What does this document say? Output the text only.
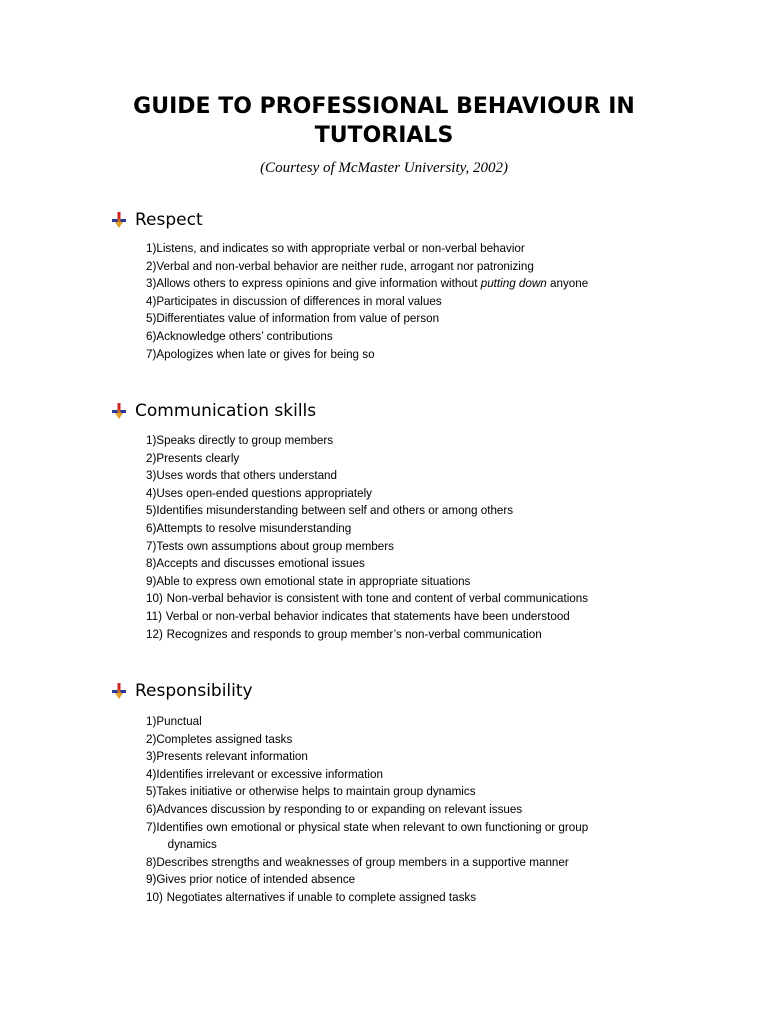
GUIDE TO PROFESSIONAL BEHAVIOUR IN
TUTORIALS
(Courtesy of McMaster University, 2002)
Respect
1)Listens, and indicates so with appropriate verbal or non-verbal behavior
2)Verbal and non-verbal behavior are neither rude, arrogant nor patronizing
3)Allows others to express opinions and give information without putting down anyone
4)Participates in discussion of differences in moral values
5)Differentiates value of information from value of person
6)Acknowledge others’ contributions
7)Apologizes when late or gives for being so
Communication skills
1)Speaks directly to group members
2)Presents clearly
3)Uses words that others understand
4)Uses open-ended questions appropriately
5)Identifies misunderstanding between self and others or among others
6)Attempts to resolve misunderstanding
7)Tests own assumptions about group members
8)Accepts and discusses emotional issues
9)Able to express own emotional state in appropriate situations
10) Non-verbal behavior is consistent with tone and content of verbal communications
11) Verbal or non-verbal behavior indicates that statements have been understood
12) Recognizes and responds to group member’s non-verbal communication
Responsibility
1)Punctual
2)Completes assigned tasks
3)Presents relevant information
4)Identifies irrelevant or excessive information
5)Takes initiative or otherwise helps to maintain group dynamics
6)Advances discussion by responding to or expanding on relevant issues
7)Identifies own emotional or physical state when relevant to own functioning or group
dynamics
8)Describes strengths and weaknesses of group members in a supportive manner
9)Gives prior notice of intended absence
10) Negotiates alternatives if unable to complete assigned tasks
